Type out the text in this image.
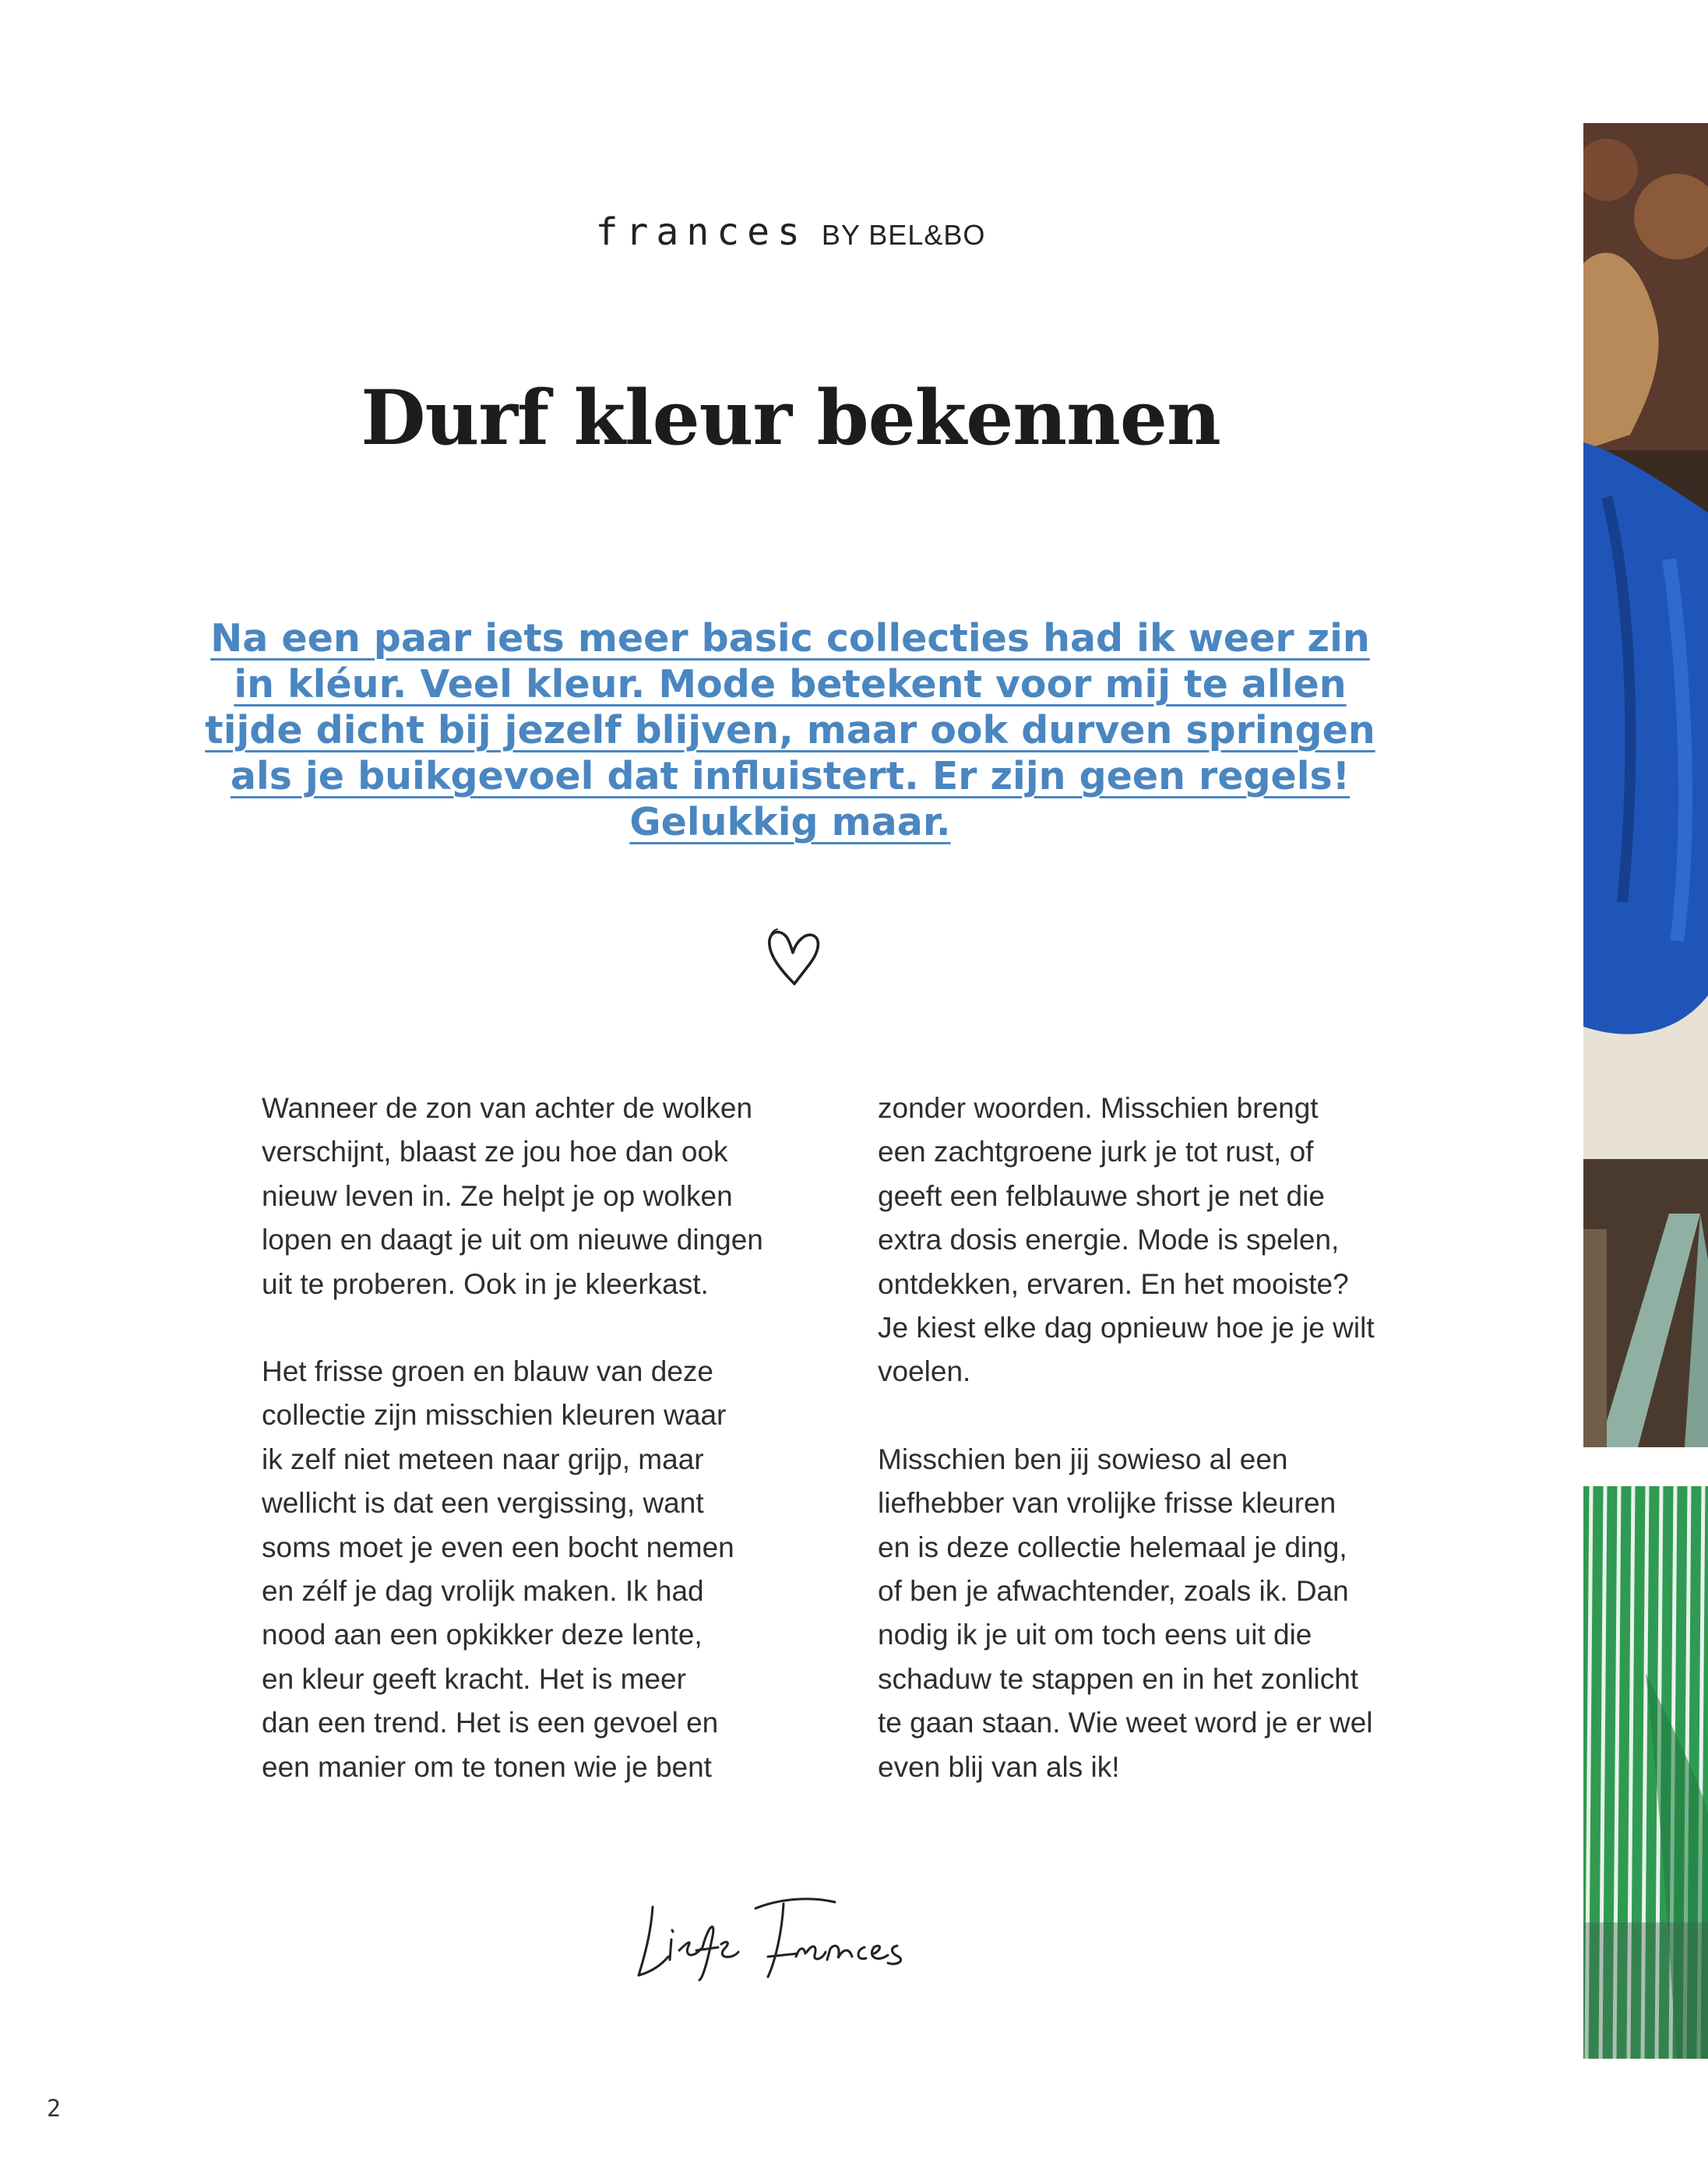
frances BY BEL&BO
Durf kleur bekennen

Na een paar iets meer basic collecties had ik weer zin in kléur. Veel kleur. Mode betekent voor mij te allen tijde dicht bij jezelf blijven, maar ook durven springen als je buikgevoel dat influistert. Er zijn geen regels! Gelukkig maar.

Wanneer de zon van achter de wolken
verschijnt, blaast ze jou hoe dan ook
nieuw leven in. Ze helpt je op wolken
lopen en daagt je uit om nieuwe dingen
uit te proberen. Ook in je kleerkast.

Het frisse groen en blauw van deze
collectie zijn misschien kleuren waar
ik zelf niet meteen naar grijp, maar
wellicht is dat een vergissing, want
soms moet je even een bocht nemen
en zélf je dag vrolijk maken. Ik had
nood aan een opkikker deze lente,
en kleur geeft kracht. Het is meer
dan een trend. Het is een gevoel en
een manier om te tonen wie je bent

zonder woorden. Misschien brengt
een zachtgroene jurk je tot rust, of
geeft een felblauwe short je net die
extra dosis energie. Mode is spelen,
ontdekken, ervaren. En het mooiste?
Je kiest elke dag opnieuw hoe je je wilt
voelen.

Misschien ben jij sowieso al een
liefhebber van vrolijke frisse kleuren
en is deze collectie helemaal je ding,
of ben je afwachtender, zoals ik. Dan
nodig ik je uit om toch eens uit die
schaduw te stappen en in het zonlicht
te gaan staan. Wie weet word je er wel
even blij van als ik!

2
